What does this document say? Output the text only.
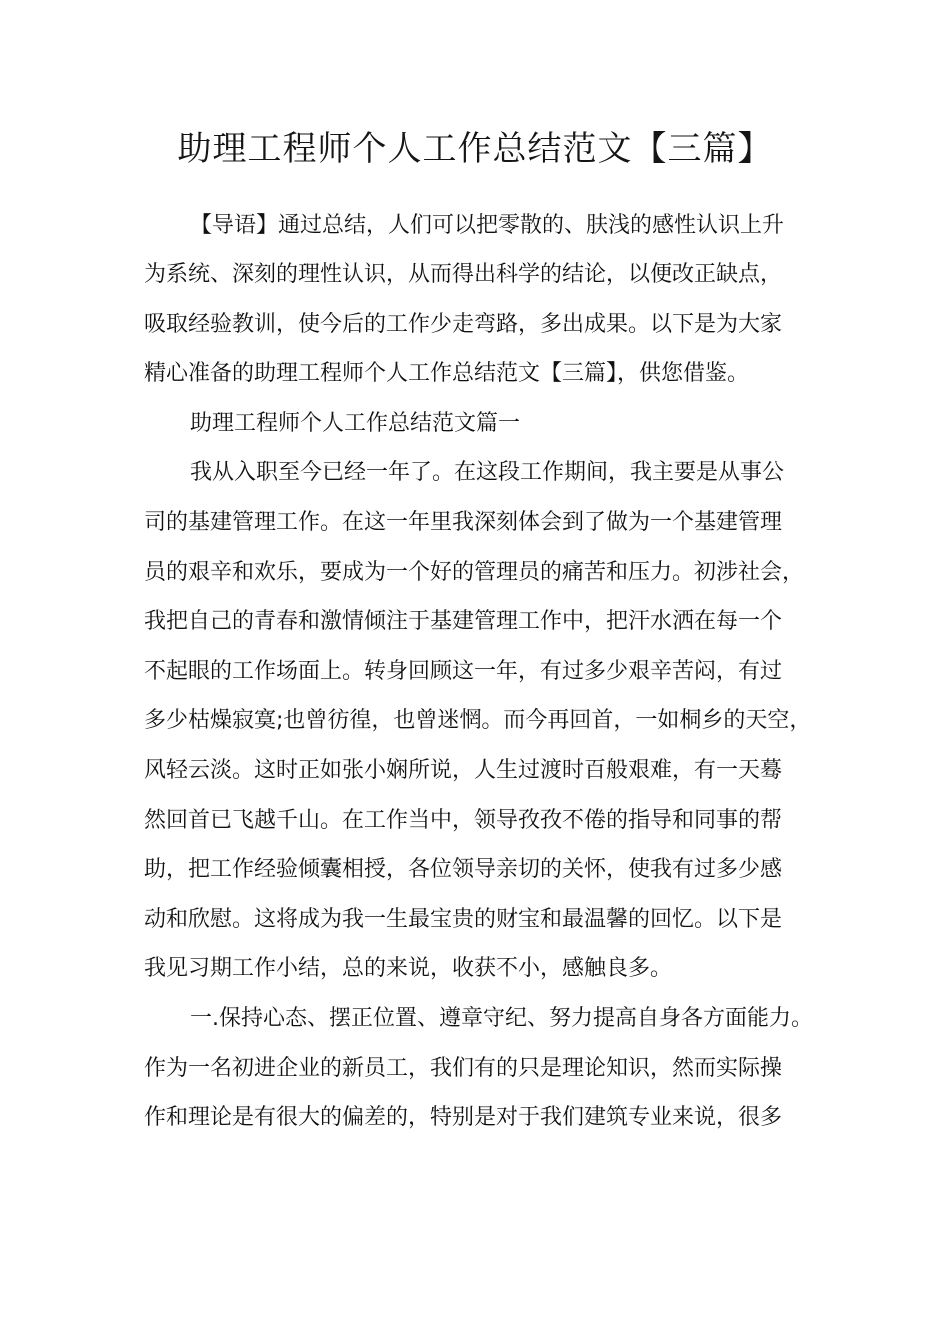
助理工程师个人工作总结范文【三篇】
【导语】通过总结，人们可以把零散的、肤浅的感性认识上升
为系统、深刻的理性认识，从而得出科学的结论，以便改正缺点，
吸取经验教训，使今后的工作少走弯路，多出成果。以下是为大家
精心准备的助理工程师个人工作总结范文【三篇】，供您借鉴。
助理工程师个人工作总结范文篇一
我从入职至今已经一年了。在这段工作期间，我主要是从事公
司的基建管理工作。在这一年里我深刻体会到了做为一个基建管理
员的艰辛和欢乐，要成为一个好的管理员的痛苦和压力。初涉社会，
我把自己的青春和激情倾注于基建管理工作中，把汗水洒在每一个
不起眼的工作场面上。转身回顾这一年，有过多少艰辛苦闷，有过
多少枯燥寂寞;也曾彷徨，也曾迷惘。而今再回首，一如桐乡的天空，
风轻云淡。这时正如张小娴所说，人生过渡时百般艰难，有一天蓦
然回首已飞越千山。在工作当中，领导孜孜不倦的指导和同事的帮
助，把工作经验倾囊相授，各位领导亲切的关怀，使我有过多少感
动和欣慰。这将成为我一生最宝贵的财宝和最温馨的回忆。以下是
我见习期工作小结，总的来说，收获不小，感触良多。
一.保持心态、摆正位置、遵章守纪、努力提高自身各方面能力。
作为一名初进企业的新员工，我们有的只是理论知识，然而实际操
作和理论是有很大的偏差的，特别是对于我们建筑专业来说，很多
